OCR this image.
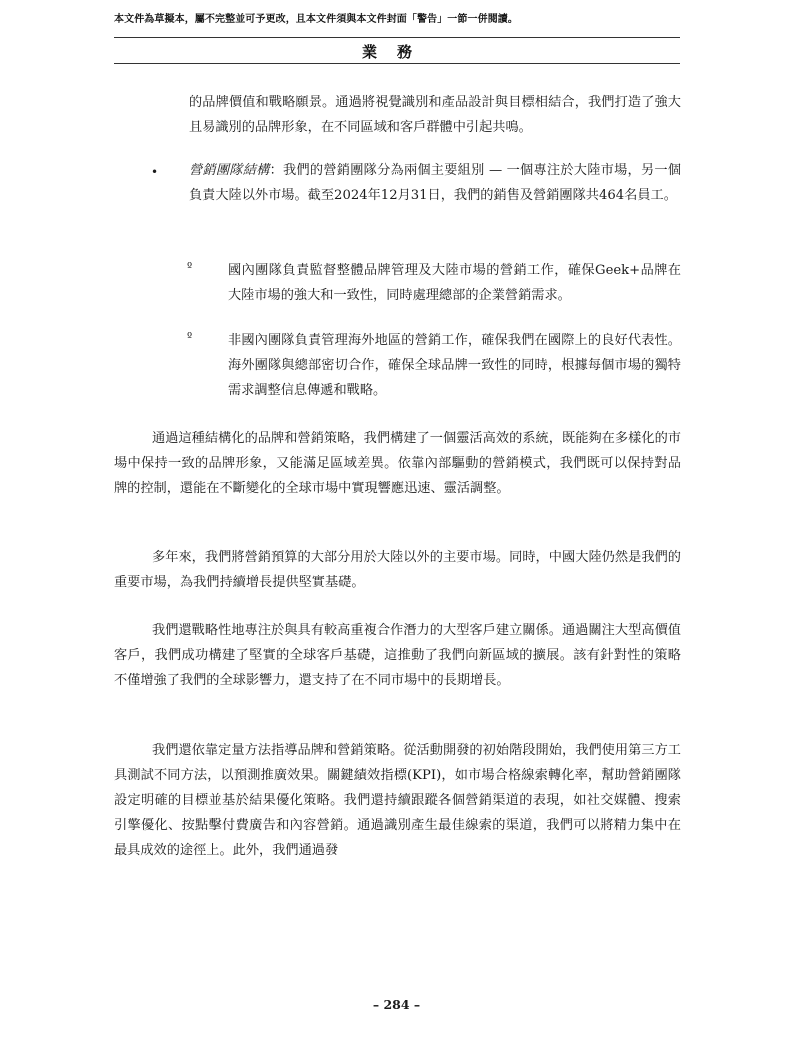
本文件為草擬本，屬不完整並可予更改，且本文件須與本文件封面「警告」一節一併閱讀。
業務
的品牌價值和戰略願景。通過將視覺識別和產品設計與目標相結合，我們打造了強大且易識別的品牌形象，在不同區域和客戶群體中引起共鳴。
• 營銷團隊結構：我們的營銷團隊分為兩個主要組別 — 一個專注於大陸市場，另一個負責大陸以外市場。截至2024年12月31日，我們的銷售及營銷團隊共464名員工。
º	國內團隊負責監督整體品牌管理及大陸市場的營銷工作，確保Geek+品牌在大陸市場的強大和一致性，同時處理總部的企業營銷需求。
º	非國內團隊負責管理海外地區的營銷工作，確保我們在國際上的良好代表性。海外團隊與總部密切合作，確保全球品牌一致性的同時，根據每個市場的獨特需求調整信息傳遞和戰略。
通過這種結構化的品牌和營銷策略，我們構建了一個靈活高效的系統，既能夠在多樣化的市場中保持一致的品牌形象，又能滿足區域差異。依靠內部驅動的營銷模式，我們既可以保持對品牌的控制，還能在不斷變化的全球市場中實現響應迅速、靈活調整。
多年來，我們將營銷預算的大部分用於大陸以外的主要市場。同時，中國大陸仍然是我們的重要市場，為我們持續增長提供堅實基礎。
我們還戰略性地專注於與具有較高重複合作潛力的大型客戶建立關係。通過關注大型高價值客戶，我們成功構建了堅實的全球客戶基礎，這推動了我們向新區域的擴展。該有針對性的策略不僅增強了我們的全球影響力，還支持了在不同市場中的長期增長。
我們還依靠定量方法指導品牌和營銷策略。從活動開發的初始階段開始，我們使用第三方工具測試不同方法，以預測推廣效果。關鍵績效指標(KPI)，如市場合格線索轉化率，幫助營銷團隊設定明確的目標並基於結果優化策略。我們還持續跟蹤各個營銷渠道的表現，如社交媒體、搜索引擎優化、按點擊付費廣告和內容營銷。通過識別產生最佳線索的渠道，我們可以將精力集中在最具成效的途徑上。此外，我們通過發
– 284 –
